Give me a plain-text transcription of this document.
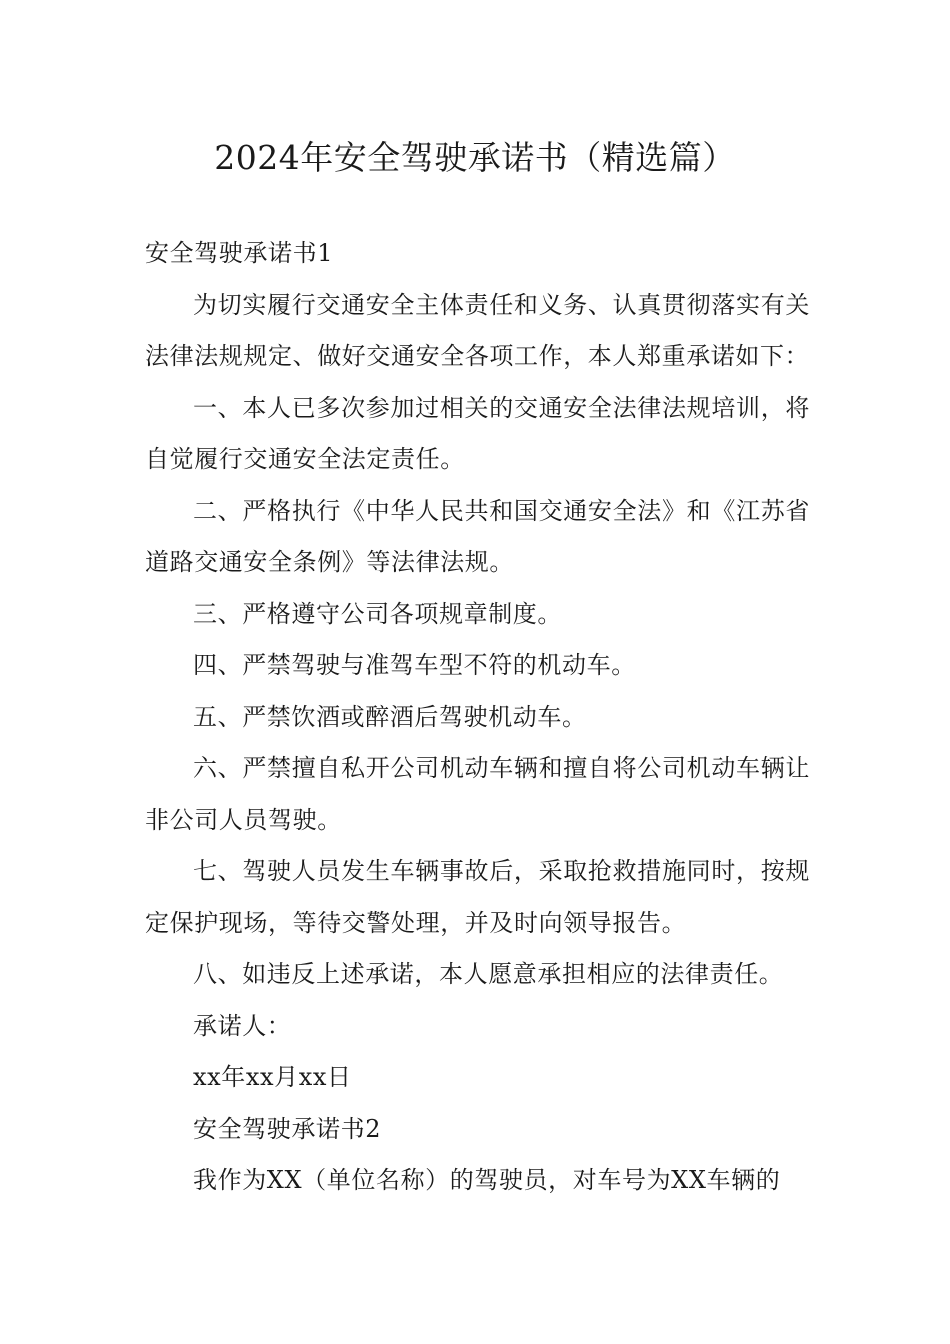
2024年安全驾驶承诺书（精选篇）

安全驾驶承诺书1

为切实履行交通安全主体责任和义务、认真贯彻落实有关法律法规规定、做好交通安全各项工作，本人郑重承诺如下：

一、本人已多次参加过相关的交通安全法律法规培训，将自觉履行交通安全法定责任。

二、严格执行《中华人民共和国交通安全法》和《江苏省道路交通安全条例》等法律法规。

三、严格遵守公司各项规章制度。

四、严禁驾驶与准驾车型不符的机动车。

五、严禁饮酒或醉酒后驾驶机动车。

六、严禁擅自私开公司机动车辆和擅自将公司机动车辆让非公司人员驾驶。

七、驾驶人员发生车辆事故后，采取抢救措施同时，按规定保护现场，等待交警处理，并及时向领导报告。

八、如违反上述承诺，本人愿意承担相应的法律责任。

承诺人：

xx年xx月xx日

安全驾驶承诺书2

我作为XX（单位名称）的驾驶员，对车号为XX车辆的
